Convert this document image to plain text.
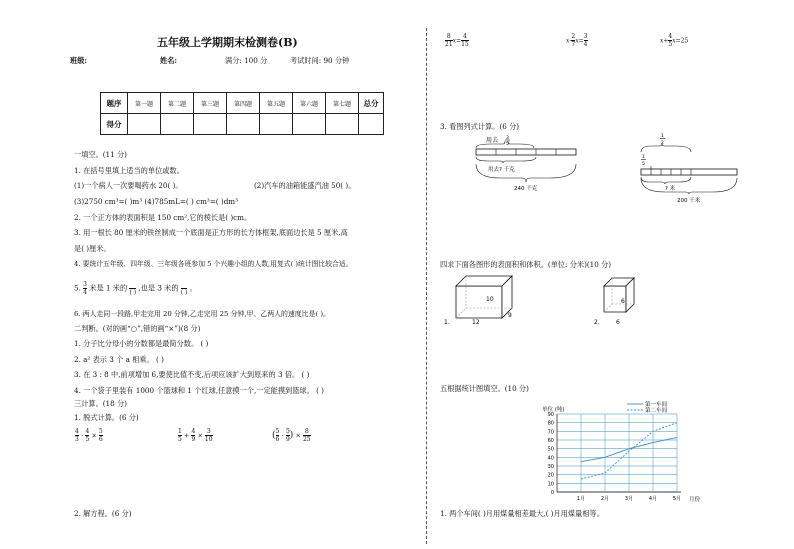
五年级上学期期末检测卷(B)
班级:	姓名:	满分: 100 分	考试时间: 90 分钟
题序	第一题	第二题	第三题	第四题	第五题	第六题	第七题	总分
得分								
一填空。(11 分)
1. 在括号里填上适当的单位或数。
(1)一个病人一次要喝药水 20( )。	(2)汽车的油箱能盛汽油 50( )。
(3)2750 cm³=( )m³ (4)785mL=( ) cm³=( )dm³
2. 一个正方体的表面积是 150 cm²,它的棱长是( )cm。
3. 用一根长 80 厘米的铁丝制成一个底面是正方形的长方体框架,底面边长是 5 厘米,高
是( )厘米。
4. 要统计五年级、四年级、三年级各班参加 5 个兴趣小组的人数,用复式( )统计图比较合适。
5. $\frac{3}{4}$ 米是 1 米的 0
( ) ,也是 3 米的 0
( ) 。
6. 两人走同一段路,甲走完用 20 分钟,乙走完用 25 分钟,甲、乙两人的速度比是( )。
二判断。(对的画“○”,错的画“×”)(8 分)
1. 分子比分母小的分数都是最简分数。 ( )
2. a² 表示 3 个 a 相乘。 ( )
3. 在 3 : 8 中,前项增加 6,要使比值不变,后项应该扩大到原来的 3 倍。 ( )
4. 一个袋子里装有 1000 个篮球和 1 个红球,任意摸一个,一定能摸到篮球。 ( )
三计算。(18 分)
1. 脱式计算。(6 分)
$\frac{4}{3} - \frac{4}{5} \times \frac{5}{6}$	$\frac{1}{5} + \frac{4}{9} \times \frac{3}{10}$	( $\frac{5}{6} - \frac{5}{9}$ ) × $\frac{8}{25}$
2. 解方程。(6 分)
$\frac{8}{21} x= \frac{4}{15}$	$x- \frac{2}{7} x= \frac{3}{4}$	$x+ \frac{4}{5} x=25$
3. 看图列式计算。(6 分)
用去 3
5
用去? 千克
240 千克
1
2
1
5
? 米
200 千米
四求下面各图形的表面积和体积。(单位: 分米)(10 分)
1.
10
12
9
2.
6
6
五根据统计图填空。(10 分)
单位 (吨)
0
10
20
30
40
50
60
70
80
90
1月	2月	3月	4月	5月
第一车间
第二车间
月份
1. 两个车间( )月用煤量相差最大,( )月用煤量相等。
